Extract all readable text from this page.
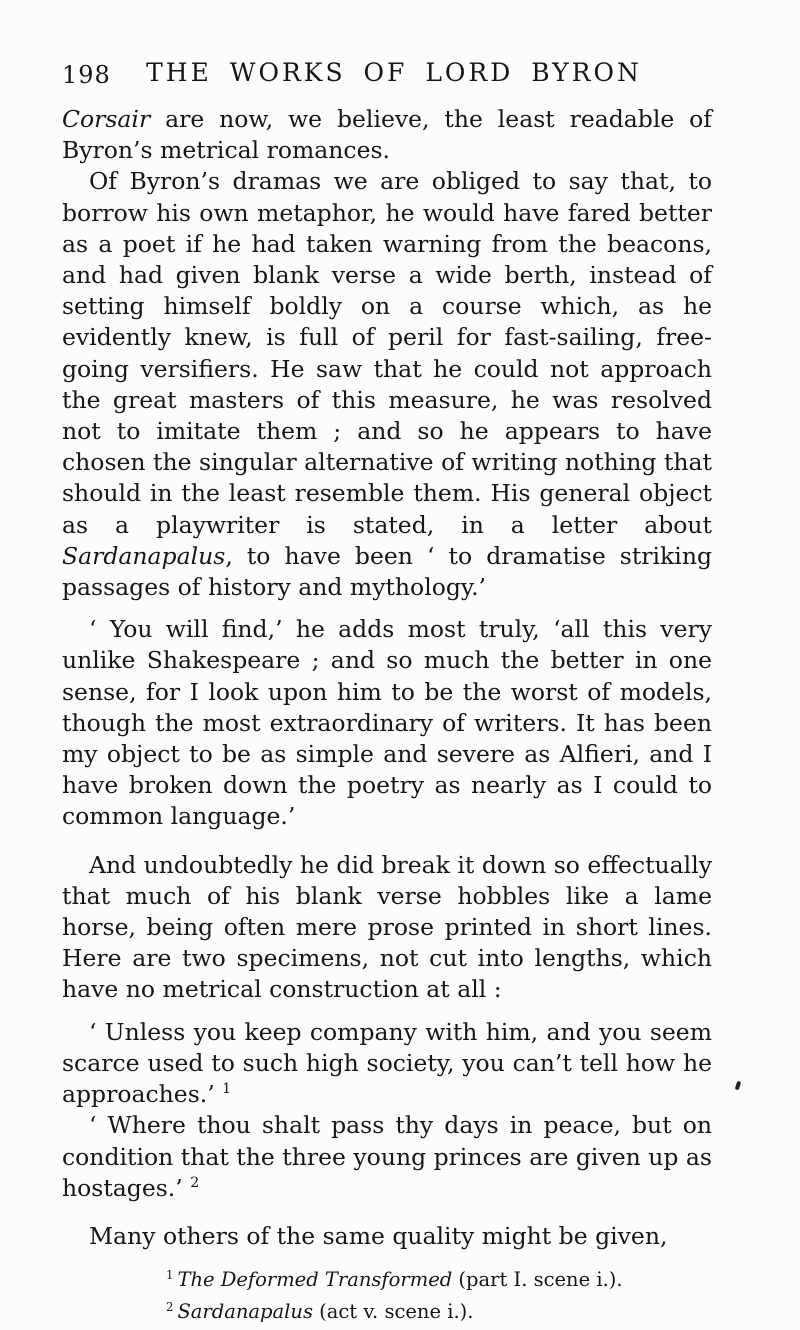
198	THE WORKS OF LORD BYRON

Corsair are now, we believe, the least readable of Byron’s metrical romances.

Of Byron’s dramas we are obliged to say that, to borrow his own metaphor, he would have fared better as a poet if he had taken warning from the beacons, and had given blank verse a wide berth, instead of setting himself boldly on a course which, as he evidently knew, is full of peril for fast-sailing, free-going versifiers. He saw that he could not approach the great masters of this measure, he was resolved not to imitate them ; and so he appears to have chosen the singular alternative of writing nothing that should in the least resemble them. His general object as a playwriter is stated, in a letter about Sardanapalus, to have been ‘ to dramatise striking passages of history and mythology.’

‘ You will find,’ he adds most truly, ‘all this very unlike Shakespeare ; and so much the better in one sense, for I look upon him to be the worst of models, though the most extraordinary of writers. It has been my object to be as simple and severe as Alfieri, and I have broken down the poetry as nearly as I could to common language.’

And undoubtedly he did break it down so effectually that much of his blank verse hobbles like a lame horse, being often mere prose printed in short lines. Here are two specimens, not cut into lengths, which have no metrical construction at all :

‘ Unless you keep company with him, and you seem scarce used to such high society, you can’t tell how he approaches.’ $^1$

‘ Where thou shalt pass thy days in peace, but on condition that the three young princes are given up as hostages.’ $^2$

Many others of the same quality might be given,

$^1$ The Deformed Transformed (part I. scene i.).

$^2$ Sardanapalus (act v. scene i.).
